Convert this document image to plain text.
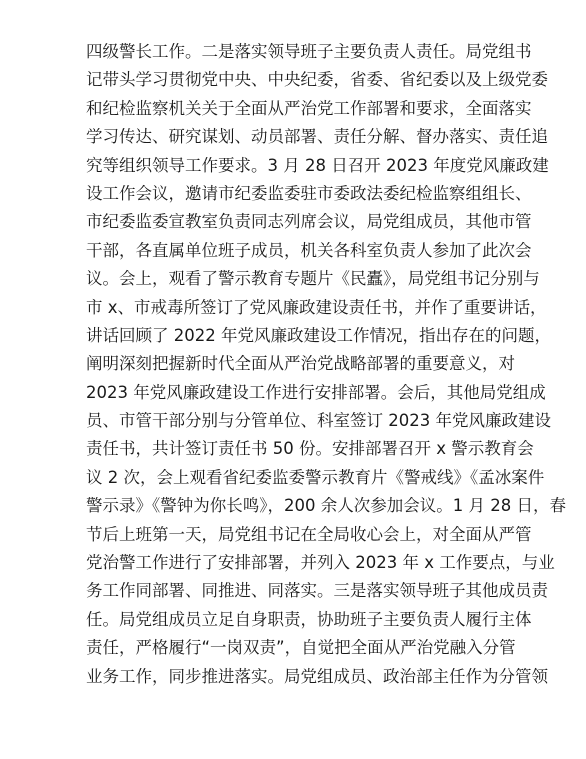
四级警长工作。二是落实领导班子主要负责人责任。局党组书
记带头学习贯彻党中央、中央纪委，省委、省纪委以及上级党委
和纪检监察机关关于全面从严治党工作部署和要求，全面落实
学习传达、研究谋划、动员部署、责任分解、督办落实、责任追
究等组织领导工作要求。3 月 28 日召开 2023 年度党风廉政建
设工作会议，邀请市纪委监委驻市委政法委纪检监察组组长、
市纪委监委宣教室负责同志列席会议，局党组成员，其他市管
干部，各直属单位班子成员，机关各科室负责人参加了此次会
议。会上，观看了警示教育专题片《民蠹》，局党组书记分别与
市 x、市戒毒所签订了党风廉政建设责任书，并作了重要讲话，
讲话回顾了 2022 年党风廉政建设工作情况，指出存在的问题，
阐明深刻把握新时代全面从严治党战略部署的重要意义，对
2023 年党风廉政建设工作进行安排部署。会后，其他局党组成
员、市管干部分别与分管单位、科室签订 2023 年党风廉政建设
责任书，共计签订责任书 50 份。安排部署召开 x 警示教育会
议 2 次，会上观看省纪委监委警示教育片《警戒线》《孟冰案件
警示录》《警钟为你长鸣》，200 余人次参加会议。1 月 28 日，春
节后上班第一天，局党组书记在全局收心会上，对全面从严管
党治警工作进行了安排部署，并列入 2023 年 x 工作要点，与业
务工作同部署、同推进、同落实。三是落实领导班子其他成员责
任。局党组成员立足自身职责，协助班子主要负责人履行主体
责任，严格履行“一岗双责”，自觉把全面从严治党融入分管
业务工作，同步推进落实。局党组成员、政治部主任作为分管领
